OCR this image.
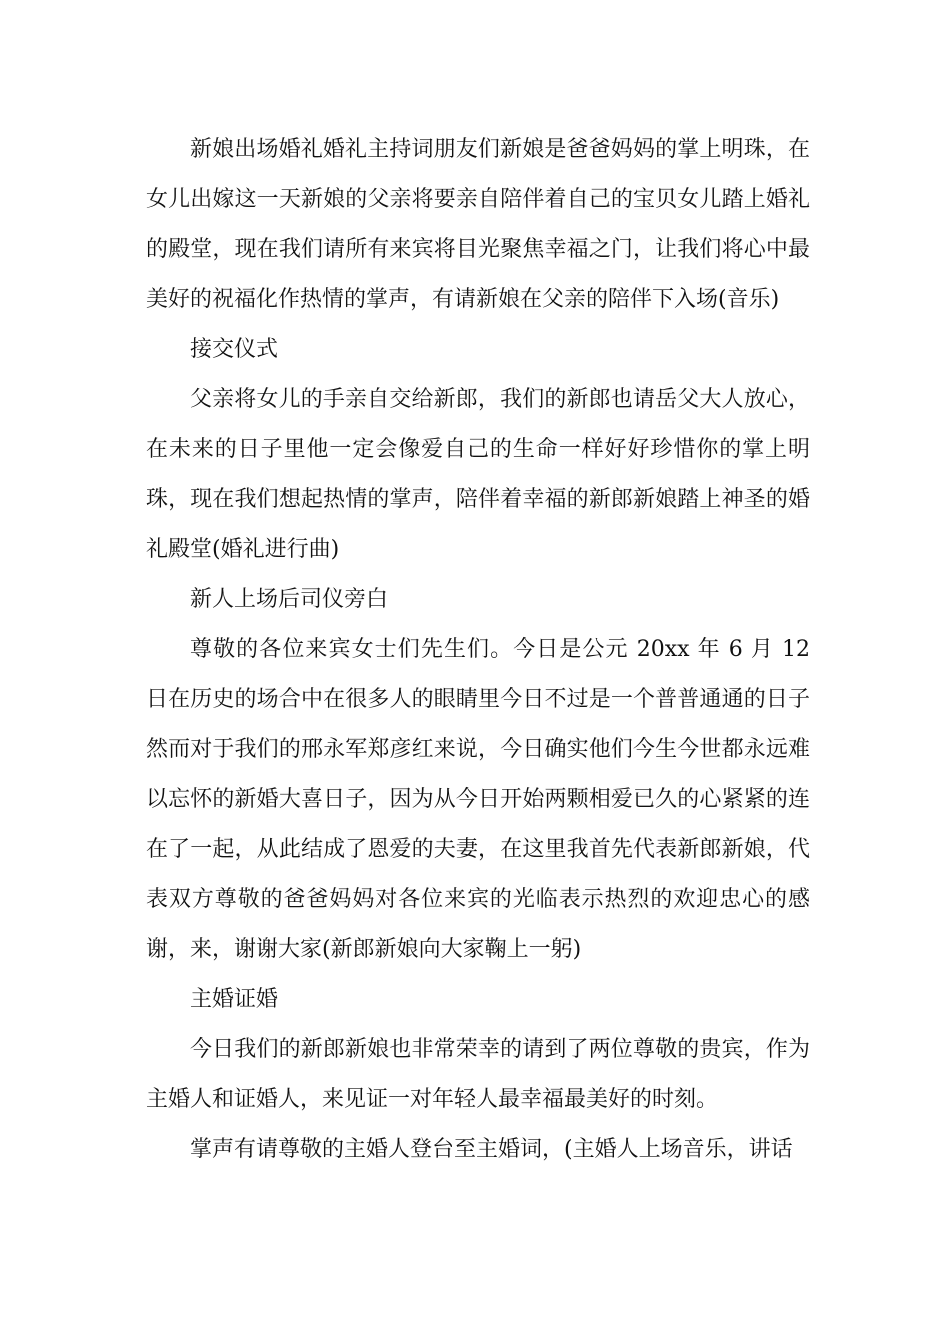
新娘出场婚礼婚礼主持词朋友们新娘是爸爸妈妈的掌上明珠，在女儿出嫁这一天新娘的父亲将要亲自陪伴着自己的宝贝女儿踏上婚礼的殿堂，现在我们请所有来宾将目光聚焦幸福之门，让我们将心中最美好的祝福化作热情的掌声，有请新娘在父亲的陪伴下入场(音乐)

接交仪式

父亲将女儿的手亲自交给新郎，我们的新郎也请岳父大人放心，在未来的日子里他一定会像爱自己的生命一样好好珍惜你的掌上明珠，现在我们想起热情的掌声，陪伴着幸福的新郎新娘踏上神圣的婚礼殿堂(婚礼进行曲)

新人上场后司仪旁白

尊敬的各位来宾女士们先生们。今日是公元 20xx 年 6 月 12 日在历史的场合中在很多人的眼睛里今日不过是一个普普通通的日子然而对于我们的邢永军郑彦红来说，今日确实他们今生今世都永远难以忘怀的新婚大喜日子，因为从今日开始两颗相爱已久的心紧紧的连在了一起，从此结成了恩爱的夫妻，在这里我首先代表新郎新娘，代表双方尊敬的爸爸妈妈对各位来宾的光临表示热烈的欢迎忠心的感谢，来，谢谢大家(新郎新娘向大家鞠上一躬)

主婚证婚

今日我们的新郎新娘也非常荣幸的请到了两位尊敬的贵宾，作为主婚人和证婚人，来见证一对年轻人最幸福最美好的时刻。

掌声有请尊敬的主婚人登台至主婚词，(主婚人上场音乐，讲话
